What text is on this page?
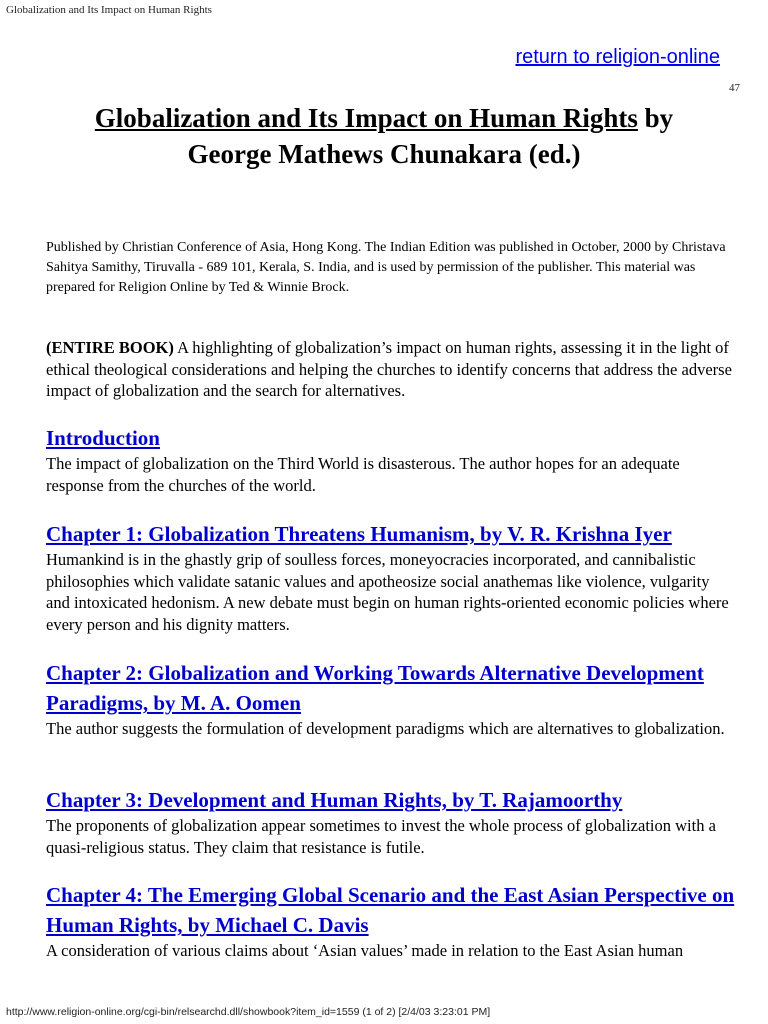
Globalization and Its Impact on Human Rights
return to religion-online
47
Globalization and Its Impact on Human Rights by
George Mathews Chunakara (ed.)

Published by Christian Conference of Asia, Hong Kong. The Indian Edition was published in October, 2000 by Christava Sahitya Samithy, Tiruvalla - 689 101, Kerala, S. India, and is used by permission of the publisher. This material was prepared for Religion Online by Ted & Winnie Brock.

(ENTIRE BOOK) A highlighting of globalization’s impact on human rights, assessing it in the light of ethical theological considerations and helping the churches to identify concerns that address the adverse impact of globalization and the search for alternatives.

Introduction

The impact of globalization on the Third World is disasterous. The author hopes for an adequate response from the churches of the world.

Chapter 1: Globalization Threatens Humanism, by V. R. Krishna Iyer

Humankind is in the ghastly grip of soulless forces, moneyocracies incorporated, and cannibalistic philosophies which validate satanic values and apotheosize social anathemas like violence, vulgarity and intoxicated hedonism. A new debate must begin on human rights-oriented economic policies where every person and his dignity matters.

Chapter 2: Globalization and Working Towards Alternative Development Paradigms, by M. A. Oomen

The author suggests the formulation of development paradigms which are alternatives to globalization.

Chapter 3: Development and Human Rights, by T. Rajamoorthy

The proponents of globalization appear sometimes to invest the whole process of globalization with a quasi-religious status. They claim that resistance is futile.

Chapter 4: The Emerging Global Scenario and the East Asian Perspective on Human Rights, by Michael C. Davis

A consideration of various claims about ‘Asian values’ made in relation to the East Asian human

http://www.religion-online.org/cgi-bin/relsearchd.dll/showbook?item_id=1559 (1 of 2) [2/4/03 3:23:01 PM]
